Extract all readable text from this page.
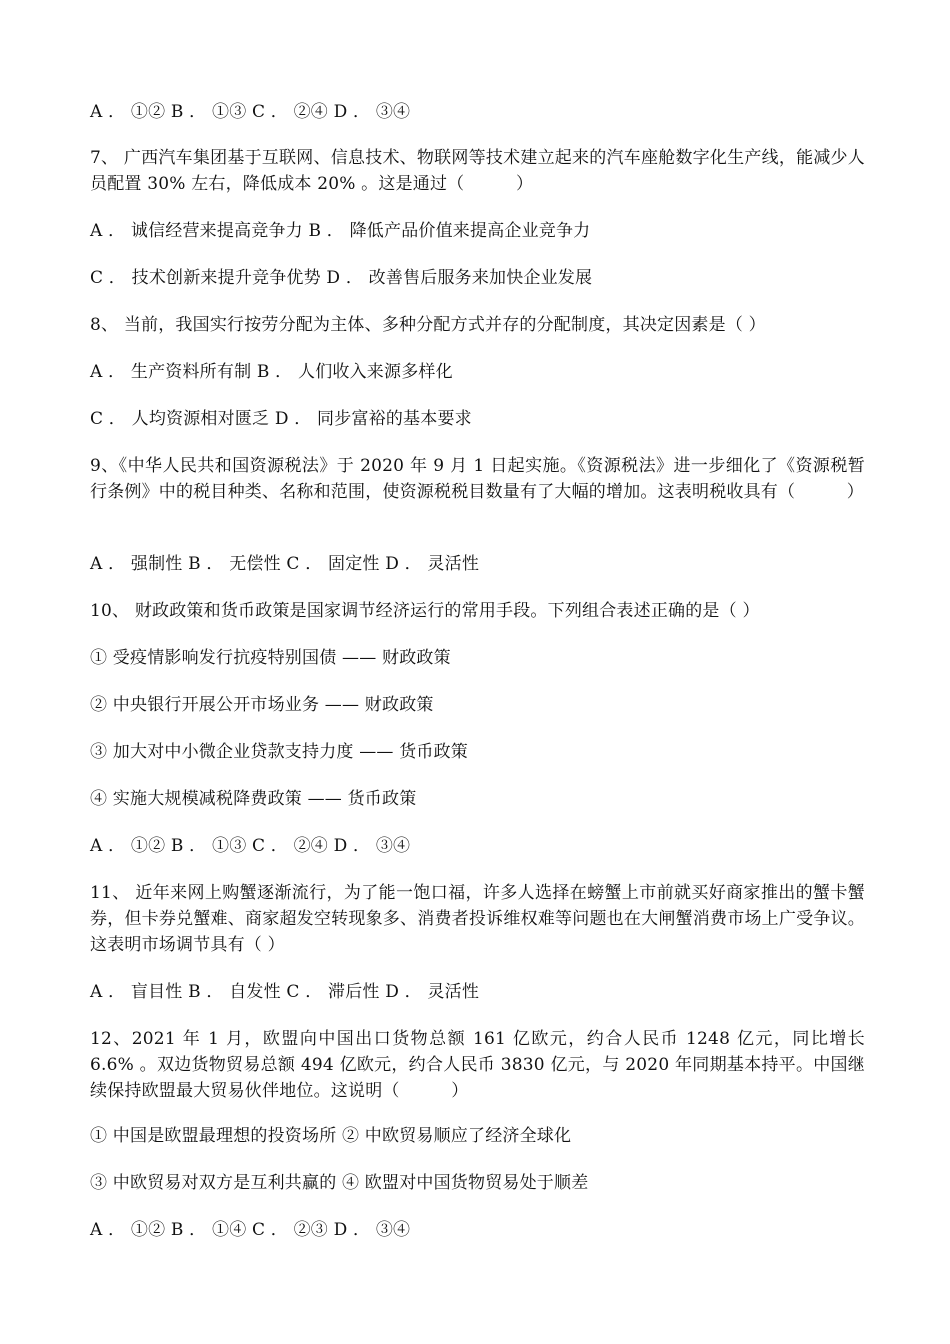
A ． ①② B ． ①③ C ． ②④ D ． ③④
7、 广西汽车集团基于互联网、信息技术、物联网等技术建立起来的汽车座舱数字化生产线，能减少人员配置 30% 左右，降低成本 20% 。这是通过（　　　）
A ． 诚信经营来提高竞争力 B ． 降低产品价值来提高企业竞争力
C ． 技术创新来提升竞争优势 D ． 改善售后服务来加快企业发展
8、 当前，我国实行按劳分配为主体、多种分配方式并存的分配制度，其决定因素是（ ）
A ． 生产资料所有制 B ． 人们收入来源多样化
C ． 人均资源相对匮乏 D ． 同步富裕的基本要求
9、《中华人民共和国资源税法》于 2020 年 9 月 1 日起实施。《资源税法》进一步细化了《资源税暂行条例》中的税目种类、名称和范围，使资源税税目数量有了大幅的增加。这表明税收具有（　　　）
A ． 强制性 B ． 无偿性 C ． 固定性 D ． 灵活性
10、 财政政策和货币政策是国家调节经济运行的常用手段。下列组合表述正确的是（ ）
① 受疫情影响发行抗疫特别国债 —— 财政政策
② 中央银行开展公开市场业务 —— 财政政策
③ 加大对中小微企业贷款支持力度 —— 货币政策
④ 实施大规模减税降费政策 —— 货币政策
A ． ①② B ． ①③ C ． ②④ D ． ③④
11、 近年来网上购蟹逐渐流行，为了能一饱口福，许多人选择在螃蟹上市前就买好商家推出的蟹卡蟹券，但卡券兑蟹难、商家超发空转现象多、消费者投诉维权难等问题也在大闸蟹消费市场上广受争议。这表明市场调节具有（ ）
A ． 盲目性 B ． 自发性 C ． 滞后性 D ． 灵活性
12、2021 年 1 月，欧盟向中国出口货物总额 161 亿欧元，约合人民币 1248 亿元，同比增长 6.6% 。双边货物贸易总额 494 亿欧元，约合人民币 3830 亿元，与 2020 年同期基本持平。中国继续保持欧盟最大贸易伙伴地位。这说明（　　　）
① 中国是欧盟最理想的投资场所 ② 中欧贸易顺应了经济全球化
③ 中欧贸易对双方是互利共赢的 ④ 欧盟对中国货物贸易处于顺差
A ． ①② B ． ①④ C ． ②③ D ． ③④
